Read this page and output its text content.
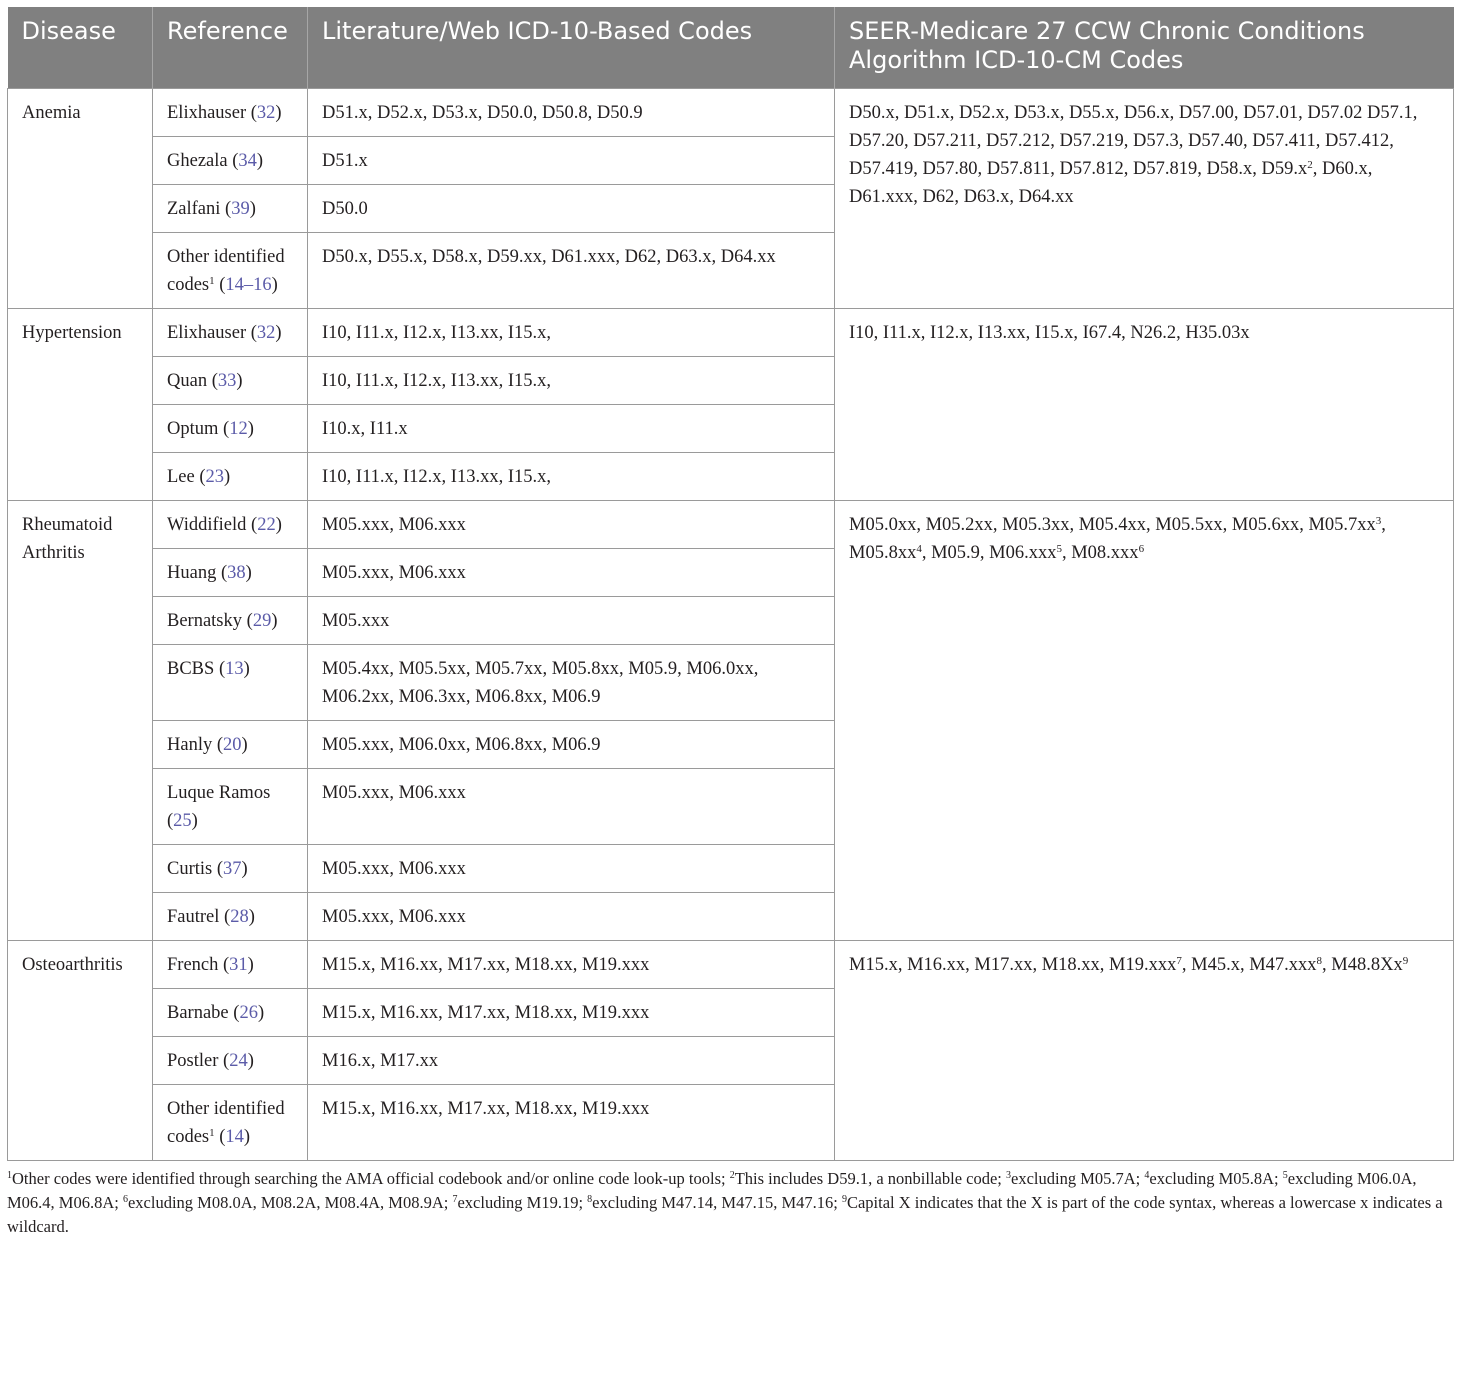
Disease	Reference	Literature/Web ICD-10-Based Codes	SEER-Medicare 27 CCW Chronic Conditions
Algorithm ICD-10-CM Codes
Anemia	Elixhauser (32)	D51.x, D52.x, D53.x, D50.0, D50.8, D50.9	D50.x, D51.x, D52.x, D53.x, D55.x, D56.x, D57.00, D57.01, D57.02 D57.1, D57.20, D57.211, D57.212, D57.219, D57.3, D57.40, D57.411, D57.412, D57.419, D57.80, D57.811, D57.812, D57.819, D58.x, $D59.x^2$, D60.x, D61.xxx, D62, D63.x, D64.xx
	Ghezala (34)	D51.x	
	Zalfani (39)	D50.0	
	Other identified codes$^1$ (14–16)	D50.x, D55.x, D58.x, D59.xx, D61.xxx, D62, D63.x, D64.xx	
Hypertension	Elixhauser (32)	I10, I11.x, I12.x, I13.xx, I15.x,	I10, I11.x, I12.x, I13.xx, I15.x, I67.4, N26.2, H35.03x
	Quan (33)	I10, I11.x, I12.x, I13.xx, I15.x,	
	Optum (12)	I10.x, I11.x	
	Lee (23)	I10, I11.x, I12.x, I13.xx, I15.x,	
Rheumatoid Arthritis	Widdifield (22)	M05.xxx, M06.xxx	M05.0xx, M05.2xx, M05.3xx, M05.4xx, M05.5xx, M05.6xx, $M05.7xx^3$, $M05.8xx^4$, M05.9, M06.xxx$^5$, M08.xxx$^6$
	Huang (38)	M05.xxx, M06.xxx	
	Bernatsky (29)	M05.xxx	
	BCBS (13)	M05.4xx, M05.5xx, M05.7xx, M05.8xx, M05.9, M06.0xx, M06.2xx, M06.3xx, M06.8xx, M06.9	
	Hanly (20)	M05.xxx, M06.0xx, M06.8xx, M06.9	
	Luque Ramos (25)	M05.xxx, M06.xxx	
	Curtis (37)	M05.xxx, M06.xxx	
	Fautrel (28)	M05.xxx, M06.xxx	
Osteoarthritis	French (31)	M15.x, M16.xx, M17.xx, M18.xx, M19.xxx	M15.x, M16.xx, M17.xx, M18.xx, M19.xxx$^7$, M45.x, M47.xxx$^8$, M48.8Xx$^9$
	Barnabe (26)	M15.x, M16.xx, M17.xx, M18.xx, M19.xxx	
	Postler (24)	M16.x, M17.xx	
	Other identified codes$^1$ (14)	M15.x, M16.xx, M17.xx, M18.xx, M19.xxx	
$^1$Other codes were identified through searching the AMA official codebook and/or online code look-up tools; $^2$This includes D59.1, a nonbillable code; $^3$excluding M05.7A; $^4$excluding M05.8A; $^5$excluding M06.0A, M06.4, M06.8A; $^6$excluding M08.0A, M08.2A, M08.4A, M08.9A; $^7$excluding M19.19; $^8$excluding M47.14, M47.15, M47.16; $^9$Capital X indicates that the X is part of the code syntax, whereas a lowercase x indicates a wildcard.
